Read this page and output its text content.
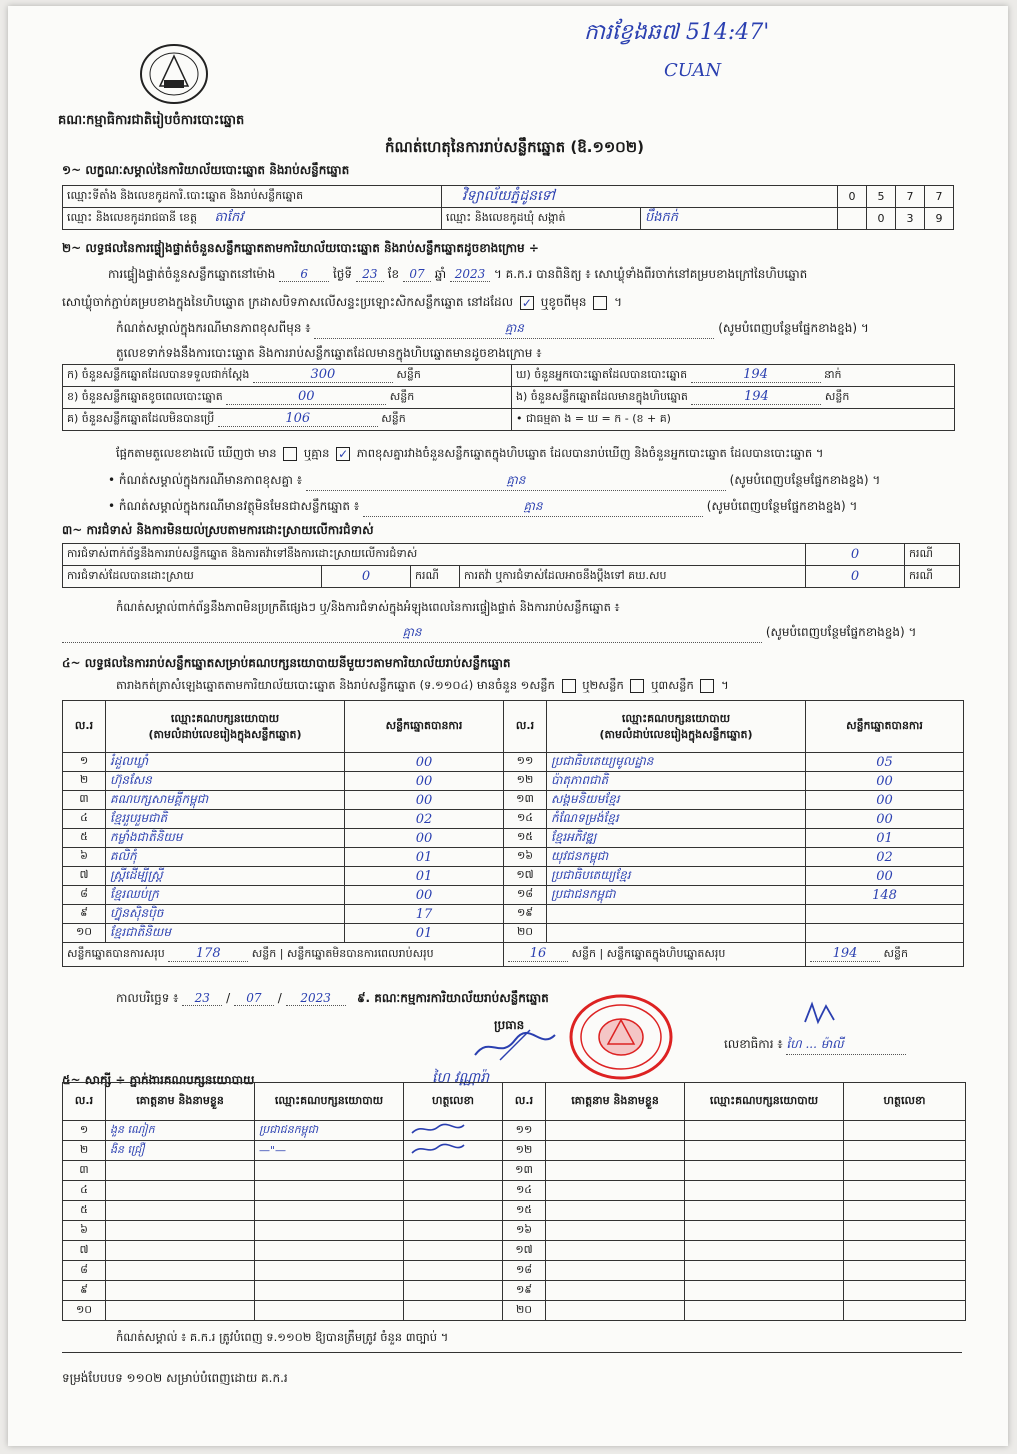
ការខ្វែងឆ៧ 514:47'
CUAN
គណៈកម្មាធិការជាតិរៀបចំការបោះឆ្នោត
កំណត់ហេតុនៃការរាប់សន្លឹកឆ្នោត (ឱ.១១០២)
១~ លក្ខណៈសម្គាល់នៃការិយាល័យបោះឆ្នោត និងរាប់សន្លឹកឆ្នោត
ឈ្មោះទីតាំង និងលេខកូដការិ.បោះឆ្នោត និងរាប់សន្លឹកឆ្នោត	វិទ្យាល័យភ្នំដូនទៅ		0	5	7	7
ឈ្មោះ និងលេខកូដរាជធានី ខេត្ត តាកែវ	ឈ្មោះ និងលេខកូដឃុំ សង្កាត់	បឹងកក់		0	3	9
២~ លទ្ធផលនៃការផ្ទៀងផ្ទាត់ចំនួនសន្លឹកឆ្នោតតាមការិយាល័យបោះឆ្នោត និងរាប់សន្លឹកឆ្នោតដូចខាងក្រោម ÷
ការផ្ទៀងផ្ទាត់ចំនួនសន្លឹកឆ្នោតនៅម៉ោង 6 ថ្ងៃទី 23 ខែ 07 ឆ្នាំ 2023 ។ គ.ក.រ បានពិនិត្យ ៖ សោឃ្លុំទាំងពីរចាក់នៅគម្របខាងក្រៅនៃហិបឆ្នោត
សោឃ្លុំចាក់ភ្ជាប់គម្របខាងក្នុងនៃហិបឆ្នោត ក្រដាសបិទភាសលើសន្ទះប្រឡោះសិកសន្លឹកឆ្នោត នៅដដែល ✓ ឬខូចពីមុន  ។
កំណត់សម្គាល់ក្នុងករណីមានភាពខុសពីមុន ៖	គ្មាន	(សូមបំពេញបន្ថែមផ្នែកខាងខ្នង) ។
តួលេខទាក់ទងនឹងការបោះឆ្នោត និងការរាប់សន្លឹកឆ្នោតដែលមានក្នុងហិបឆ្នោតមានដូចខាងក្រោម ៖
ក) ចំនួនសន្លឹកឆ្នោតដែលបានទទួលជាក់ស្តែង 300 សន្លឹក	ឃ) ចំនួនអ្នកបោះឆ្នោតដែលបានបោះឆ្នោត 194 នាក់
ខ) ចំនួនសន្លឹកឆ្នោតខូចពេលបោះឆ្នោត 00 សន្លឹក	ង) ចំនួនសន្លឹកឆ្នោតដែលមានក្នុងហិបឆ្នោត 194 សន្លឹក
គ) ចំនួនសន្លឹកឆ្នោតដែលមិនបានប្រើ 106 សន្លឹក	• ជាធម្មតា ង = ឃ = ក - (ខ + គ)
ផ្អែកតាមតួលេខខាងលើ ឃើញថា មាន ឬគ្មាន ✓ ភាពខុសគ្នារវាងចំនួនសន្លឹកឆ្នោតក្នុងហិបឆ្នោត ដែលបានរាប់ឃើញ និងចំនួនអ្នកបោះឆ្នោត ដែលបានបោះឆ្នោត ។
• កំណត់សម្គាល់ក្នុងករណីមានភាពខុសគ្នា ៖	គ្មាន	(សូមបំពេញបន្ថែមផ្នែកខាងខ្នង) ។
• កំណត់សម្គាល់ក្នុងករណីមានវត្ថុមិនមែនជាសន្លឹកឆ្នោត ៖	គ្មាន	(សូមបំពេញបន្ថែមផ្នែកខាងខ្នង) ។
៣~ ការជំទាស់ និងការមិនយល់ស្របតាមការដោះស្រាយលើការជំទាស់
ការជំទាស់ពាក់ព័ន្ធនឹងការរាប់សន្លឹកឆ្នោត និងការតវ៉ាទៅនឹងការដោះស្រាយលើការជំទាស់				0	ករណី
ការជំទាស់ដែលបានដោះស្រាយ	0	ករណី	ការតវ៉ា ឬការជំទាស់ដែលអាចនឹងប្តឹងទៅ គឃ.សប	0	ករណី
កំណត់សម្គាល់ពាក់ព័ន្ធនឹងភាពមិនប្រក្រតីផ្សេងៗ ឬ/និងការជំទាស់ក្នុងអំឡុងពេលនៃការផ្ទៀងផ្ទាត់ និងការរាប់សន្លឹកឆ្នោត ៖
គ្មាន	(សូមបំពេញបន្ថែមផ្នែកខាងខ្នង) ។
៤~ លទ្ធផលនៃការរាប់សន្លឹកឆ្នោតសម្រាប់គណបក្សនយោបាយនីមួយៗតាមការិយាល័យរាប់សន្លឹកឆ្នោត
តារាងកត់ត្រាសំឡេងឆ្នោតតាមការិយាល័យបោះឆ្នោត និងរាប់សន្លឹកឆ្នោត (ទ.១១០៤) មានចំនួន ១សន្លឹក ឬ២សន្លឹក ឬ៣សន្លឹក  ។
ល.រ	ឈ្មោះគណបក្សនយោបាយ
(តាមលំដាប់លេខរៀងក្នុងសន្លឹកឆ្នោត)	សន្លឹកឆ្នោតបានការ	ល.រ	ឈ្មោះគណបក្សនយោបាយ
(តាមលំដាប់លេខរៀងក្នុងសន្លឹកឆ្នោត)	សន្លឹកឆ្នោតបានការ
១	រំដួលឃ្លាំ	00	១១	ប្រជាធិបតេយ្យមូលដ្ឋាន	05
២	ហ៊ុនសែន	00	១២	ប៉ាតុភាពជាតិ	00
៣	គណបក្សសាមគ្គីកម្ពុជា	00	១៣	សង្គមនិយមខ្មែរ	00
៤	ខ្មែររួបរួមជាតិ	02	១៤	កំណែទម្រង់ខ្មែរ	00
៥	កម្លាំងជាតិនិយម	00	១៥	ខ្មែរអភិវឌ្ឍ	01
៦	គលិកុំ	01	១៦	យុវជនកម្ពុជា	02
៧	ស្ត្រីដើម្បីស្ត្រី	01	១៧	ប្រជាធិបតេយ្យខ្មែរ	00
៨	ខ្មែរឈប់ក្រ	00	១៨	ប្រជាជនកម្ពុជា	148
៩	ហ្វ៊ុនស៊ិនប៉ិច	17	១៩		
១០	ខ្មែរជាតិនិយម	01	២០		
សន្លឹកឆ្នោតបានការសរុប 178 សន្លឹក | សន្លឹកឆ្នោតមិនបានការពេលរាប់សរុប			16 សន្លឹក | សន្លឹកឆ្នោតក្នុងហិបឆ្នោតសរុប		194 សន្លឹក
កាលបរិច្ឆេទ ៖ 23 / 07 / 2023 ៩. គណៈកម្មការការិយាល័យរាប់សន្លឹកឆ្នោត
ប្រធាន
ហៃ វណ្ណារ៉ា
លេខាធិការ ៖ ហៃ ... ម៉ាលី
៥~ សាក្សី ÷ ភ្នាក់ងារគណបក្សនយោបាយ
ល.រ	គោត្តនាម និងនាមខ្លួន	ឈ្មោះគណបក្សនយោបាយ	ហត្ថលេខា	ល.រ	គោត្តនាម និងនាមខ្លួន	ឈ្មោះគណបក្សនយោបាយ	ហត្ថលេខា
១	ងួន ណៀក	ប្រជាជនកម្ពុជា		១១			
២	ងិន ជ្រឿ	—"—		១២			
៣				១៣			
៤				១៤			
៥				១៥			
៦				១៦			
៧				១៧			
៨				១៨			
៩				១៩			
១០				២០			
កំណត់សម្គាល់ ៖ គ.ក.រ ត្រូវបំពេញ ទ.១១០២ ឱ្យបានត្រឹមត្រូវ ចំនួន ៣ច្បាប់ ។
ទម្រង់បែបបទ ១១០២ សម្រាប់បំពេញដោយ គ.ក.រ
